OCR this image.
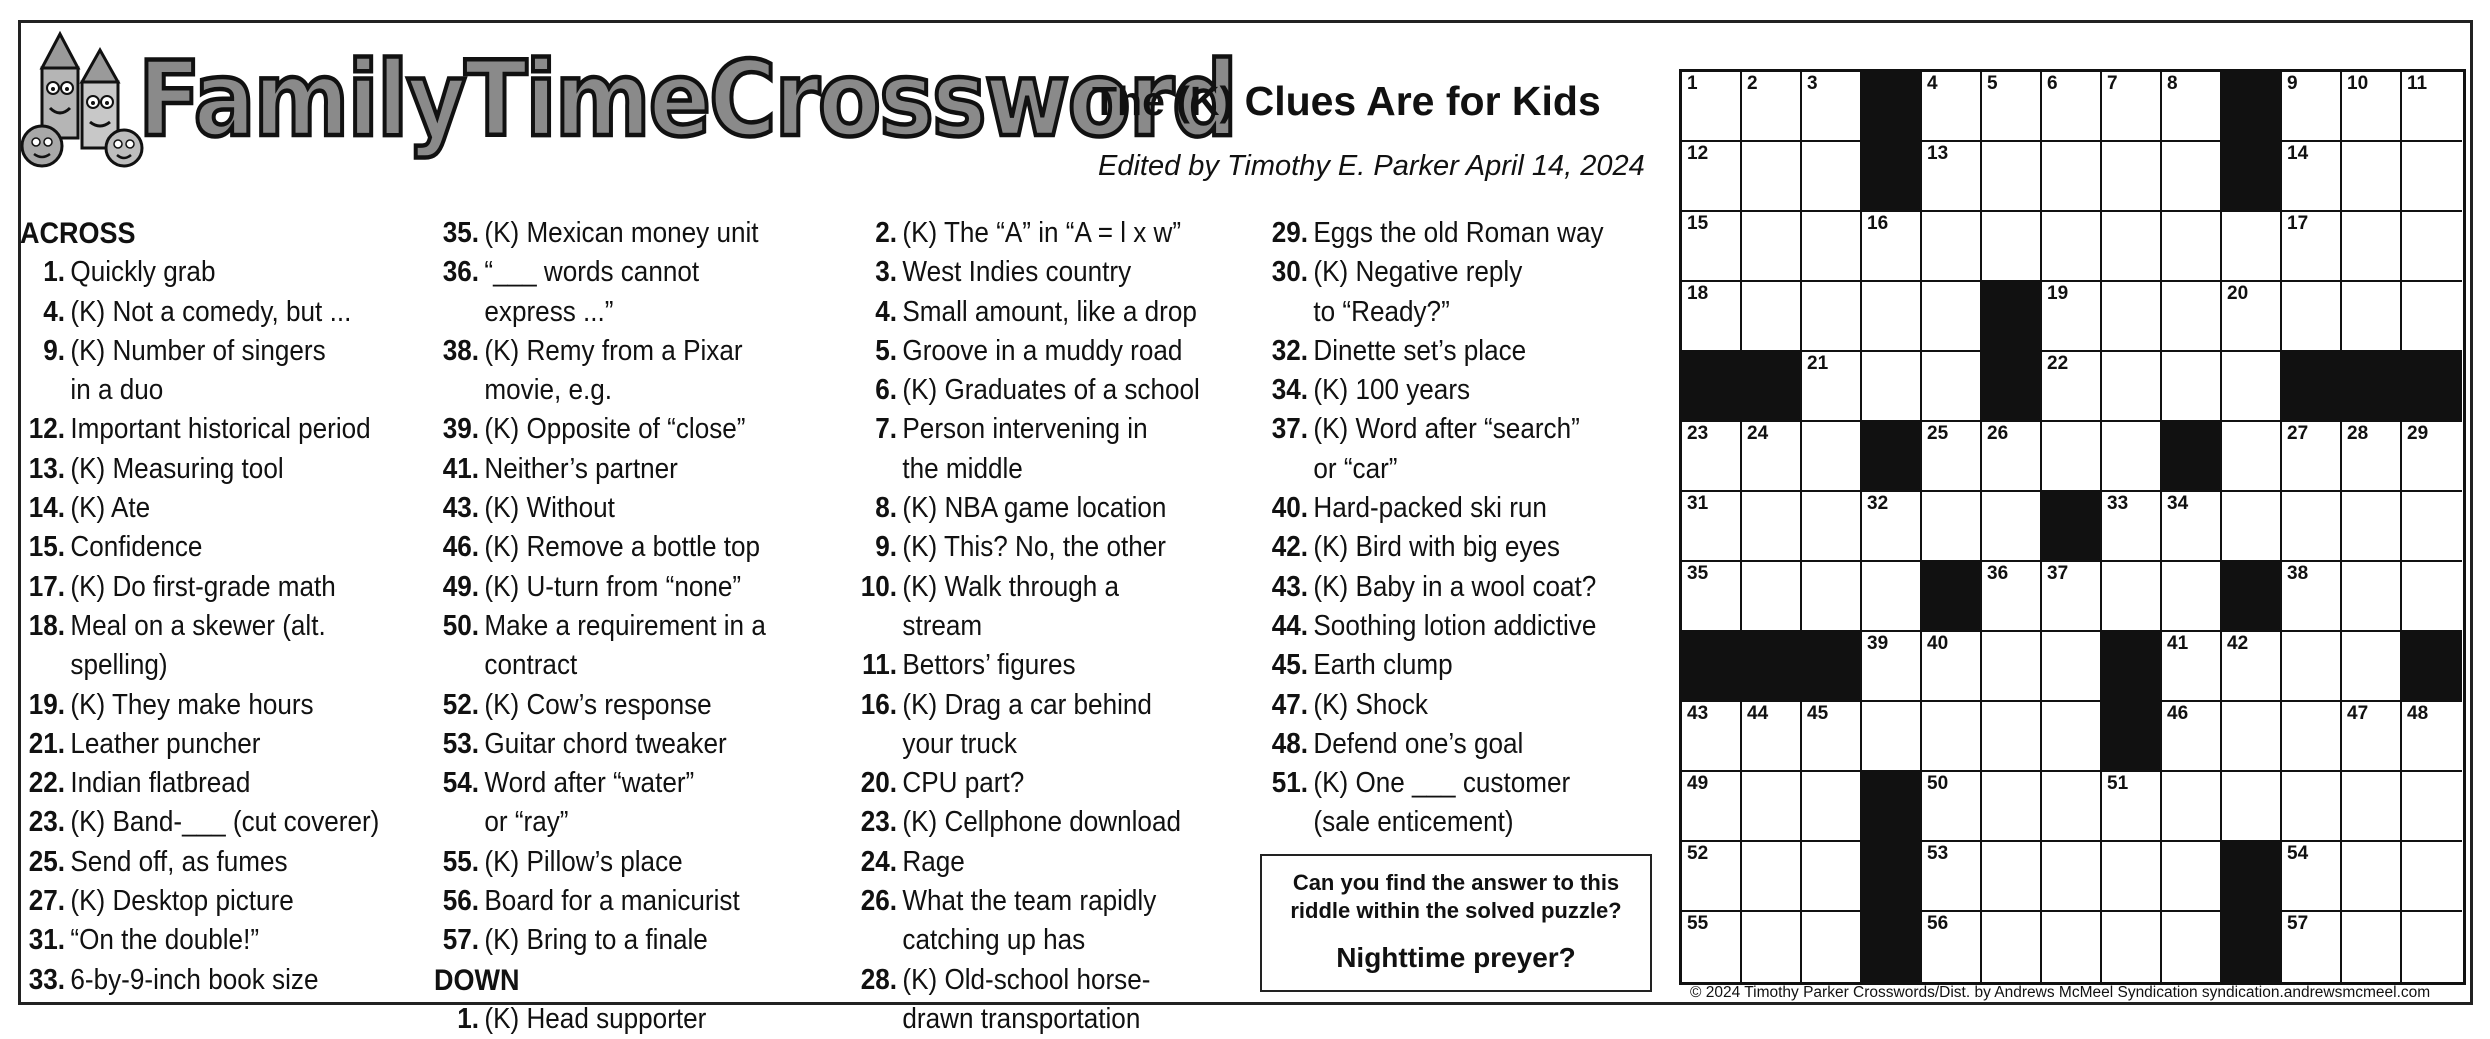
FamilyTimeCrossword
The (K) Clues Are for Kids
Edited by Timothy E. Parker April 14, 2024
ACROSS
1. Quickly grab
4. (K) Not a comedy, but ...
9. (K) Number of singers
in a duo
12. Important historical period
13. (K) Measuring tool
14. (K) Ate
15. Confidence
17. (K) Do first-grade math
18. Meal on a skewer (alt.
spelling)
19. (K) They make hours
21. Leather puncher
22. Indian flatbread
23. (K) Band-___ (cut coverer)
25. Send off, as fumes
27. (K) Desktop picture
31. “On the double!”
33. 6-by-9-inch book size
35. (K) Mexican money unit
36. “___ words cannot
express ...”
38. (K) Remy from a Pixar
movie, e.g.
39. (K) Opposite of “close”
41. Neither’s partner
43. (K) Without
46. (K) Remove a bottle top
49. (K) U-turn from “none”
50. Make a requirement in a
contract
52. (K) Cow’s response
53. Guitar chord tweaker
54. Word after “water”
or “ray”
55. (K) Pillow’s place
56. Board for a manicurist
57. (K) Bring to a finale
DOWN
1. (K) Head supporter
2. (K) The “A” in “A = l x w”
3. West Indies country
4. Small amount, like a drop
5. Groove in a muddy road
6. (K) Graduates of a school
7. Person intervening in
the middle
8. (K) NBA game location
9. (K) This? No, the other
10. (K) Walk through a
stream
11. Bettors’ figures
16. (K) Drag a car behind
your truck
20. CPU part?
23. (K) Cellphone download
24. Rage
26. What the team rapidly
catching up has
28. (K) Old-school horse-
drawn transportation
29. Eggs the old Roman way
30. (K) Negative reply
to “Ready?”
32. Dinette set’s place
34. (K) 100 years
37. (K) Word after “search”
or “car”
40. Hard-packed ski run
42. (K) Bird with big eyes
43. (K) Baby in a wool coat?
44. Soothing lotion addictive
45. Earth clump
47. (K) Shock
48. Defend one’s goal
51. (K) One ___ customer
(sale enticement)
Can you find the answer to this
riddle within the solved puzzle?
Nighttime preyer?
1	2	3	4	5	6	7	8	9	10 11
12	13	14
15	16	17
18	19	20
21	22
23 24	25 26	27 28 29
31	32	33 34
35	36 37	38
39 40	41 42
43 44 45	46	47 48
49	50	51
52	53	54
55	56	57
© 2024 Timothy Parker Crosswords/Dist. by Andrews McMeel Syndication syndication.andrewsmcmeel.com
